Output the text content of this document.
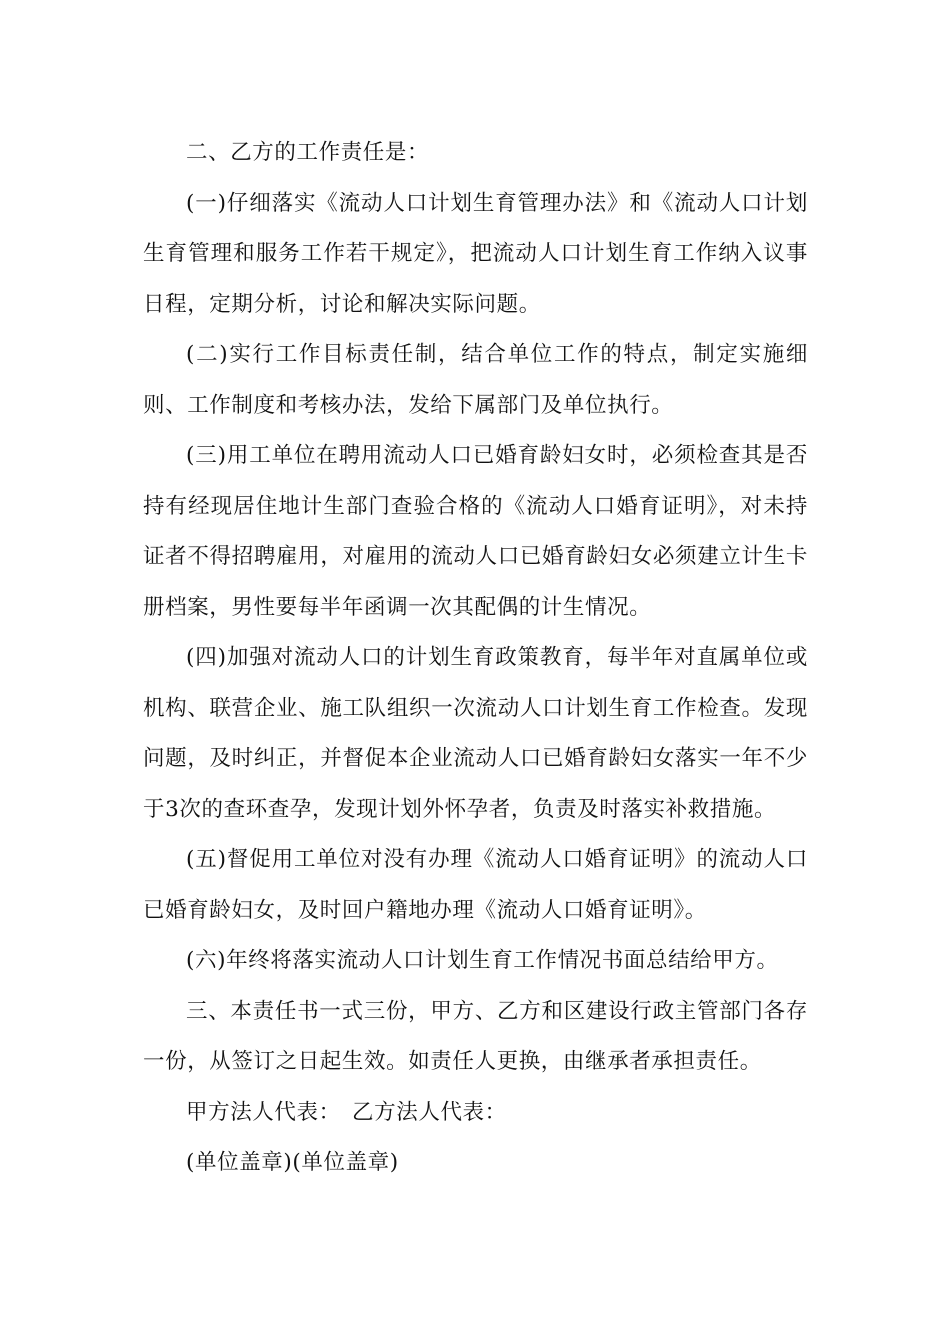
二、乙方的工作责任是：

(一)仔细落实《流动人口计划生育管理办法》和《流动人口计划生育管理和服务工作若干规定》，把流动人口计划生育工作纳入议事日程，定期分析，讨论和解决实际问题。

(二)实行工作目标责任制，结合单位工作的特点，制定实施细则、工作制度和考核办法，发给下属部门及单位执行。

(三)用工单位在聘用流动人口已婚育龄妇女时，必须检查其是否持有经现居住地计生部门查验合格的《流动人口婚育证明》，对未持证者不得招聘雇用，对雇用的流动人口已婚育龄妇女必须建立计生卡册档案，男性要每半年函调一次其配偶的计生情况。

(四)加强对流动人口的计划生育政策教育，每半年对直属单位或机构、联营企业、施工队组织一次流动人口计划生育工作检查。发现问题，及时纠正，并督促本企业流动人口已婚育龄妇女落实一年不少于3次的查环查孕，发现计划外怀孕者，负责及时落实补救措施。

(五)督促用工单位对没有办理《流动人口婚育证明》的流动人口已婚育龄妇女，及时回户籍地办理《流动人口婚育证明》。

(六)年终将落实流动人口计划生育工作情况书面总结给甲方。

三、本责任书一式三份，甲方、乙方和区建设行政主管部门各存一份，从签订之日起生效。如责任人更换，由继承者承担责任。

甲方法人代表：　乙方法人代表：

(单位盖章)(单位盖章)
